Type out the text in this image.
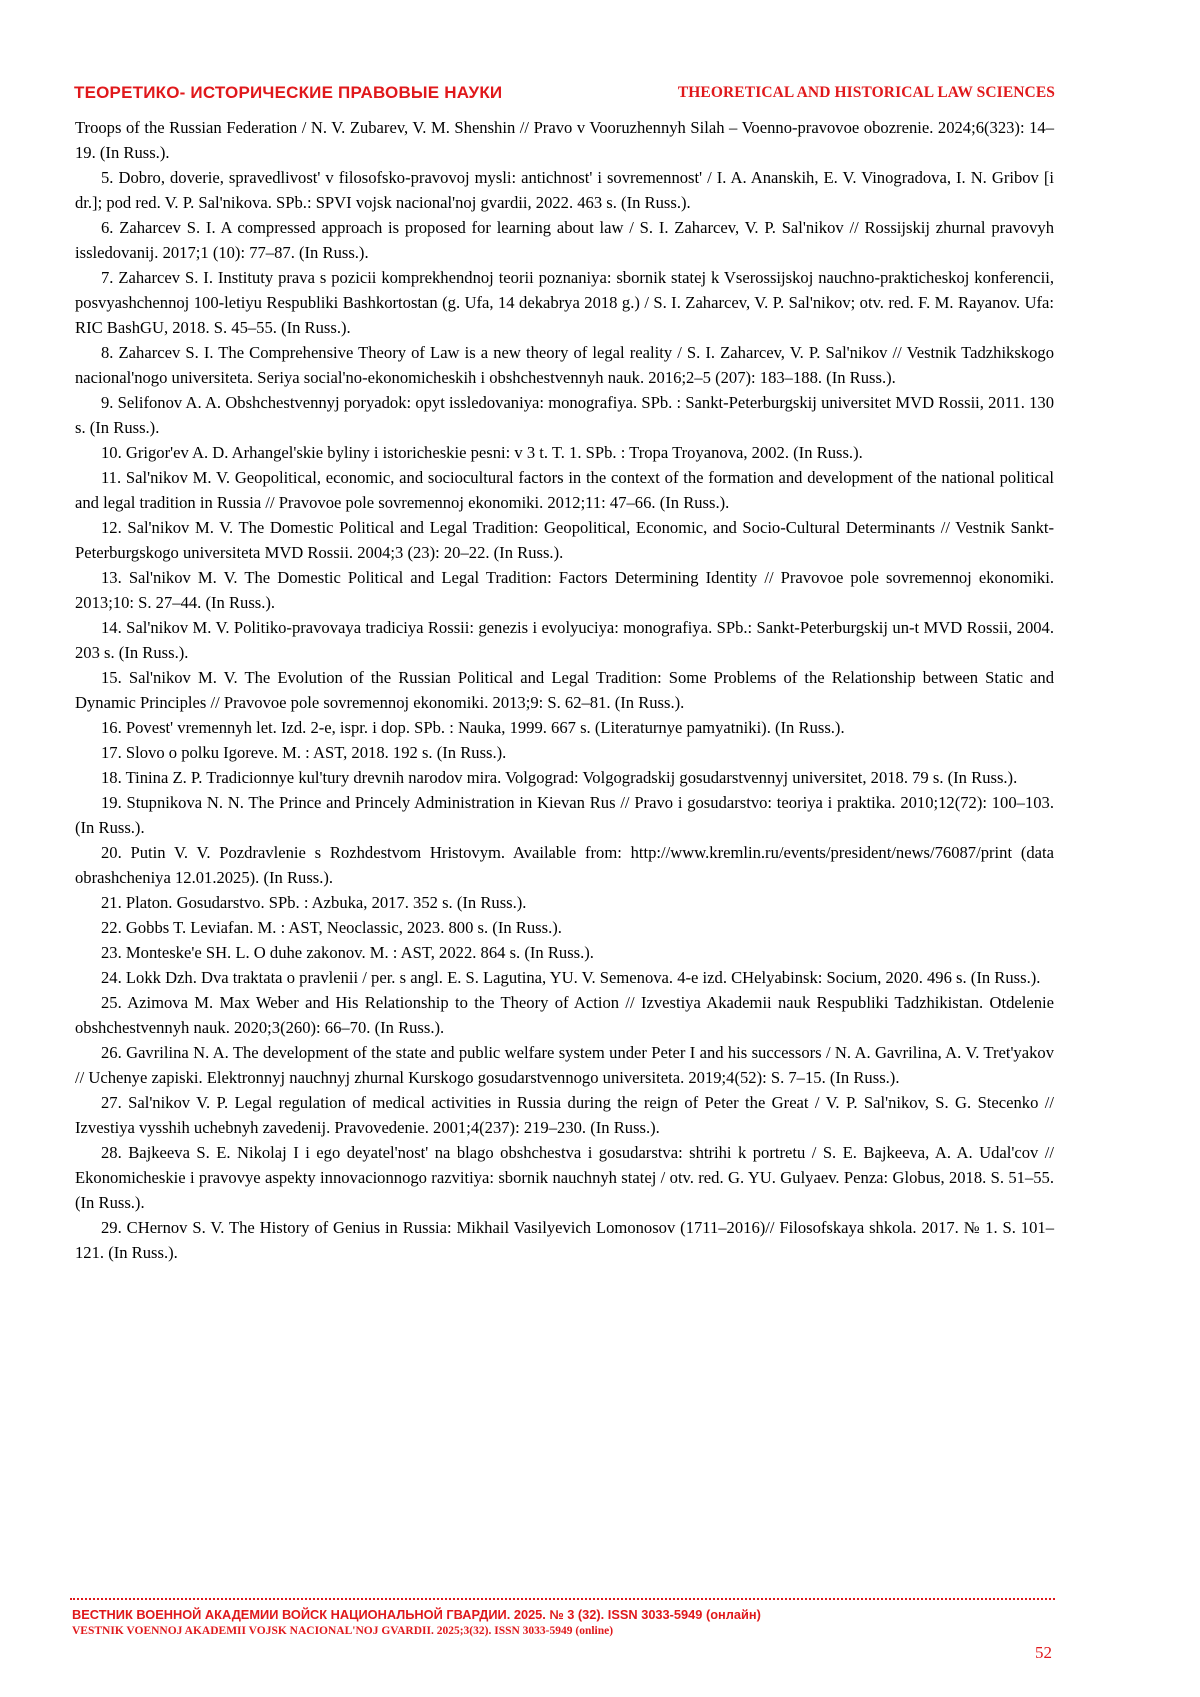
ТЕОРЕТИКО- ИСТОРИЧЕСКИЕ ПРАВОВЫЕ НАУКИ	THEORETICAL AND HISTORICAL LAW SCIENCES

Troops of the Russian Federation / N. V. Zubarev, V. M. Shenshin // Pravo v Vooruzhennyh Silah – Voenno-pravovoe obozrenie. 2024;6(323): 14–19. (In Russ.).

5. Dobro, doverie, spravedlivost' v filosofsko-pravovoj mysli: antichnost' i sovremennost' / I. A. Ananskih, E. V. Vinogradova, I. N. Gribov [i dr.]; pod red. V. P. Sal'nikova. SPb.: SPVI vojsk nacional'noj gvardii, 2022. 463 s. (In Russ.).

6. Zaharcev S. I. A compressed approach is proposed for learning about law / S. I. Zaharcev, V. P. Sal'nikov // Rossijskij zhurnal pravovyh issledovanij. 2017;1 (10): 77–87. (In Russ.).

7. Zaharcev S. I. Instituty prava s pozicii komprekhendnoj teorii poznaniya: sbornik statej k Vserossijskoj nauchno-prakticheskoj konferencii, posvyashchennoj 100-letiyu Respubliki Bashkortostan (g. Ufa, 14 dekabrya 2018 g.) / S. I. Zaharcev, V. P. Sal'nikov; otv. red. F. M. Rayanov. Ufa: RIC BashGU, 2018. S. 45–55. (In Russ.).

8. Zaharcev S. I. The Comprehensive Theory of Law is a new theory of legal reality / S. I. Zaharcev, V. P. Sal'nikov // Vestnik Tadzhikskogo nacional'nogo universiteta. Seriya social'no-ekonomicheskih i obshchestvennyh nauk. 2016;2–5 (207): 183–188. (In Russ.).

9. Selifonov A. A. Obshchestvennyj poryadok: opyt issledovaniya: monografiya. SPb. : Sankt-Peterburgskij universitet MVD Rossii, 2011. 130 s. (In Russ.).

10. Grigor'ev A. D. Arhangel'skie byliny i istoricheskie pesni: v 3 t. T. 1. SPb. : Tropa Troyanova, 2002. (In Russ.).

11. Sal'nikov M. V. Geopolitical, economic, and sociocultural factors in the context of the formation and development of the national political and legal tradition in Russia // Pravovoe pole sovremennoj ekonomiki. 2012;11: 47–66. (In Russ.).

12. Sal'nikov M. V. The Domestic Political and Legal Tradition: Geopolitical, Economic, and Socio-Cultural Determinants // Vestnik Sankt-Peterburgskogo universiteta MVD Rossii. 2004;3 (23): 20–22. (In Russ.).

13. Sal'nikov M. V. The Domestic Political and Legal Tradition: Factors Determining Identity // Pravovoe pole sovremennoj ekonomiki. 2013;10: S. 27–44. (In Russ.).

14. Sal'nikov M. V. Politiko-pravovaya tradiciya Rossii: genezis i evolyuciya: monografiya. SPb.: Sankt-Peterburgskij un-t MVD Rossii, 2004. 203 s. (In Russ.).

15. Sal'nikov M. V. The Evolution of the Russian Political and Legal Tradition: Some Problems of the Relationship between Static and Dynamic Principles // Pravovoe pole sovremennoj ekonomiki. 2013;9: S. 62–81. (In Russ.).

16. Povest' vremennyh let. Izd. 2-e, ispr. i dop. SPb. : Nauka, 1999. 667 s. (Literaturnye pamyatniki). (In Russ.).

17. Slovo o polku Igoreve. M. : AST, 2018. 192 s. (In Russ.).

18. Tinina Z. P. Tradicionnye kul'tury drevnih narodov mira. Volgograd: Volgogradskij gosudarstvennyj universitet, 2018. 79 s. (In Russ.).

19. Stupnikova N. N. The Prince and Princely Administration in Kievan Rus // Pravo i gosudarstvo: teoriya i praktika. 2010;12(72): 100–103. (In Russ.).

20. Putin V. V. Pozdravlenie s Rozhdestvom Hristovym. Available from: http://www.kremlin.ru/events/president/news/76087/print (data obrashcheniya 12.01.2025). (In Russ.).

21. Platon. Gosudarstvo. SPb. : Azbuka, 2017. 352 s. (In Russ.).

22. Gobbs T. Leviafan. M. : AST, Neoclassic, 2023. 800 s. (In Russ.).

23. Monteske'e SH. L. O duhe zakonov. M. : AST, 2022. 864 s. (In Russ.).

24. Lokk Dzh. Dva traktata o pravlenii / per. s angl. E. S. Lagutina, YU. V. Semenova. 4-e izd. CHelyabinsk: Socium, 2020. 496 s. (In Russ.).

25. Azimova M. Max Weber and His Relationship to the Theory of Action // Izvestiya Akademii nauk Respubliki Tadzhikistan. Otdelenie obshchestvennyh nauk. 2020;3(260): 66–70. (In Russ.).

26. Gavrilina N. A. The development of the state and public welfare system under Peter I and his successors / N. A. Gavrilina, A. V. Tret'yakov // Uchenye zapiski. Elektronnyj nauchnyj zhurnal Kurskogo gosudarstvennogo universiteta. 2019;4(52): S. 7–15. (In Russ.).

27. Sal'nikov V. P. Legal regulation of medical activities in Russia during the reign of Peter the Great / V. P. Sal'nikov, S. G. Stecenko // Izvestiya vysshih uchebnyh zavedenij. Pravovedenie. 2001;4(237): 219–230. (In Russ.).

28. Bajkeeva S. E. Nikolaj I i ego deyatel'nost' na blago obshchestva i gosudarstva: shtrihi k portretu / S. E. Bajkeeva, A. A. Udal'cov // Ekonomicheskie i pravovye aspekty innovacionnogo razvitiya: sbornik nauchnyh statej / otv. red. G. YU. Gulyaev. Penza: Globus, 2018. S. 51–55. (In Russ.).

29. CHernov S. V. The History of Genius in Russia: Mikhail Vasilyevich Lomonosov (1711–2016)// Filosofskaya shkola. 2017. № 1. S. 101–121. (In Russ.).

ВЕСТНИК ВОЕННОЙ АКАДЕМИИ ВОЙСК НАЦИОНАЛЬНОЙ ГВАРДИИ. 2025. № 3 (32). ISSN 3033-5949 (онлайн)
VESTNIK VOENNOJ AKADEMII VOJSK NACIONAL'NOJ GVARDII. 2025;3(32). ISSN 3033-5949 (online)
52
